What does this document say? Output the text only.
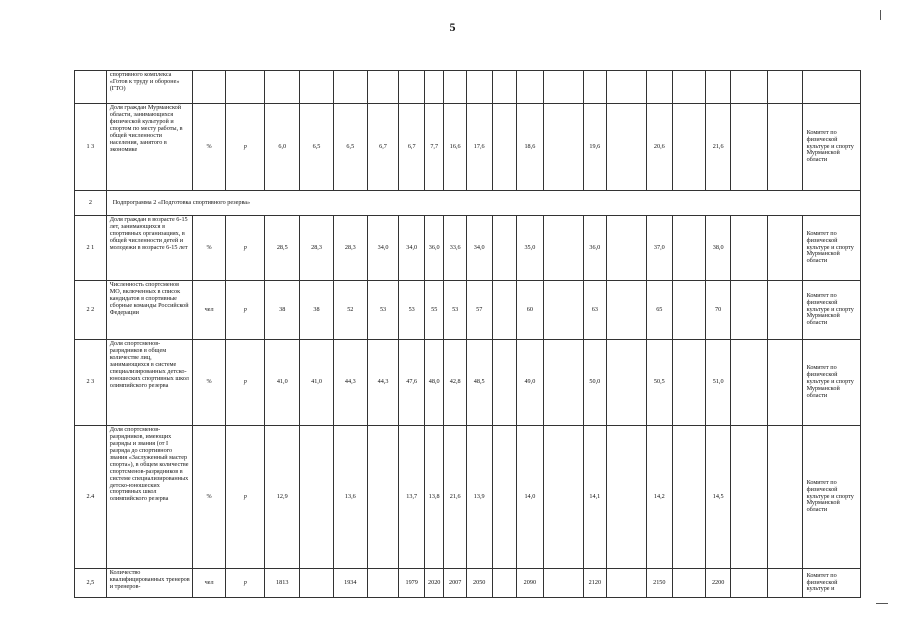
5
	спортивного комплекса «Готов к труду и обороне» (ГТО)																					
1 3	Доля граждан Мурманской области, занимающихся физической культурой и спортом по месту работы, в общей численности населения, занятого в экономике	%	р	6,0	6,5	6,5	6,7	6,7	7,7	16,6	17,6		18,6		19,6		20,6		21,6			Комитет по физической культуре и спорту Мурманской области
2	Подпрограмма 2 «Подготовка спортивного резерва»																					
2 1	Доля граждан в возрасте 6-15 лет, занимающихся в спортивных организациях, в общей численности детей и молодежи в возрасте 6-15 лет	%	р	28,5	28,3	28,3	34,0	34,0	36,0	33,6	34,0		35,0		36,0		37,0		38,0			Комитет по физической культуре и спорту Мурманской области
2 2	Численность спортсменов МО, включенных в список кандидатов в спортивные сборные команды Российской Федерации	чел	р	38	38	52	53	53	55	53	57		60		63		65		70			Комитет по физической культуре и спорту Мурманской области
2 3	Доля спортсменов-разрядников в общем количестве лиц, занимающихся в системе специализированных детско-юношеских спортивных школ олимпийского резерва	%	р	41,0	41,0	44,3	44,3	47,6	48,0	42,8	48,5		49,0		50,0		50,5		51,0			Комитет по физической культуре и спорту Мурманской области
2.4	Доля спортсменов-разрядников, имеющих разряды и звания (от I разряда до спортивного звания «Заслуженный мастер спорта»), в общем количестве спортсменов-разрядников в системе специализированных детско-юношеских спортивных школ олимпийского резерва	%	р	12,9		13,6		13,7	13,8	21,6	13,9		14,0		14,1		14,2		14,5			Комитет по физической культуре и спорту Мурманской области
2,5	Количество квалифицированных тренеров и тренеров-	чел	р	1813		1934		1979	2020	2007	2050		2090		2120		2150		2200			Комитет по физической культуре и
